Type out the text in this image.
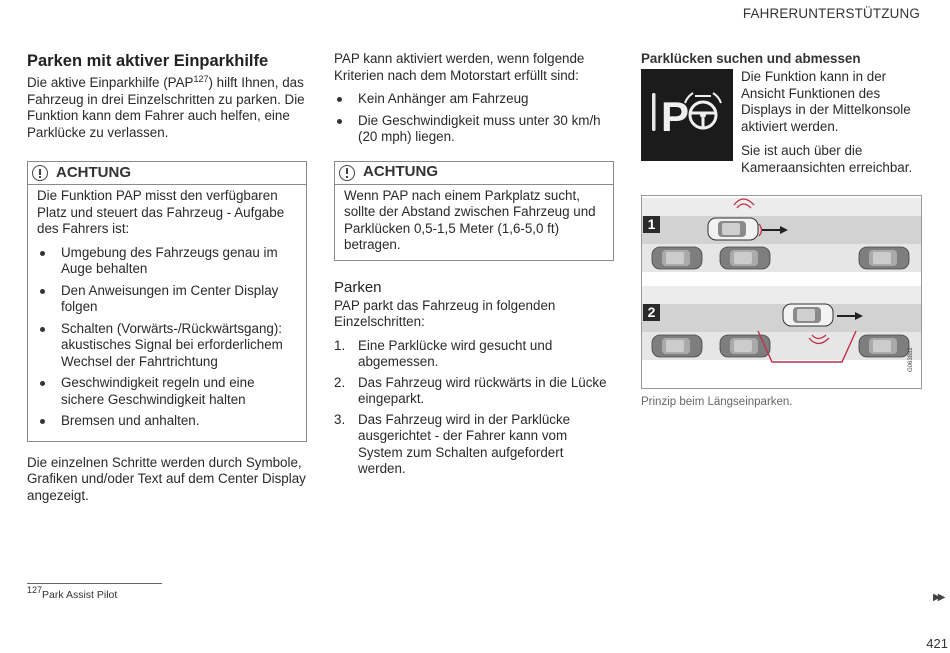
FAHRERUNTERSTÜTZUNG
Parken mit aktiver Einparkhilfe

Die aktive Einparkhilfe (PAP$^{127}$) hilft Ihnen, das Fahrzeug in drei Einzelschritten zu parken. Die Funktion kann dem Fahrer auch helfen, eine Parklücke zu verlassen.

ACHTUNG

Die Funktion PAP misst den verfügbaren Platz und steuert das Fahrzeug - Aufgabe des Fahrers ist:

Umgebung des Fahrzeugs genau im Auge behalten
Den Anweisungen im Center Display folgen
Schalten (Vorwärts-/Rückwärtsgang): akustisches Signal bei erforderlichem Wechsel der Fahrtrichtung
Geschwindigkeit regeln und eine sichere Geschwindigkeit halten
Bremsen und anhalten.

Die einzelnen Schritte werden durch Symbole, Grafiken und/oder Text auf dem Center Display angezeigt.

PAP kann aktiviert werden, wenn folgende Kriterien nach dem Motorstart erfüllt sind:

Kein Anhänger am Fahrzeug
Die Geschwindigkeit muss unter 30 km/h (20 mph) liegen.
ACHTUNG

Wenn PAP nach einem Parkplatz sucht, sollte der Abstand zwischen Fahrzeug und Parklücken 0,5-1,5 Meter (1,6-5,0 ft) betragen.

Parken

PAP parkt das Fahrzeug in folgenden Einzelschritten:

1. Eine Parklücke wird gesucht und abgemessen.
2. Das Fahrzeug wird rückwärts in die Lücke eingeparkt.
3. Das Fahrzeug wird in der Parklücke ausgerichtet - der Fahrer kann vom System zum Schalten aufgefordert werden.
Parklücken suchen und abmessen
P

Die Funktion kann in der Ansicht Funktionen des Displays in der Mittelkonsole aktiviert werden.

Sie ist auch über die Kameraansichten erreichbar.

1
2
G063882
Prinzip beim Längseinparken.
$^{127}$Park Assist Pilot	▶▶
421
